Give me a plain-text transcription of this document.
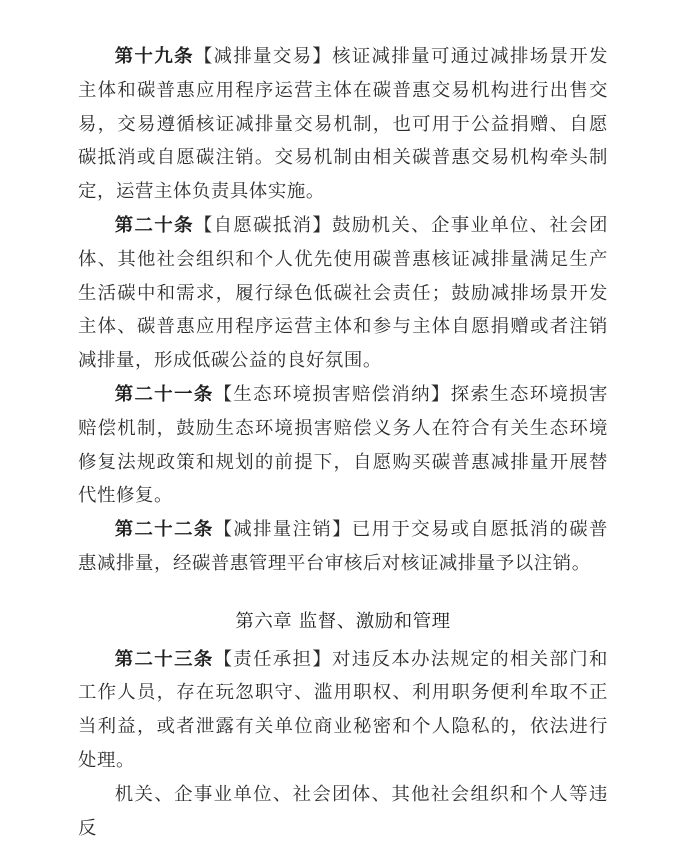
第十九条【减排量交易】核证减排量可通过减排场景开发主体和碳普惠应用程序运营主体在碳普惠交易机构进行出售交易，交易遵循核证减排量交易机制，也可用于公益捐赠、自愿碳抵消或自愿碳注销。交易机制由相关碳普惠交易机构牵头制定，运营主体负责具体实施。

第二十条【自愿碳抵消】鼓励机关、企事业单位、社会团体、其他社会组织和个人优先使用碳普惠核证减排量满足生产生活碳中和需求，履行绿色低碳社会责任；鼓励减排场景开发主体、碳普惠应用程序运营主体和参与主体自愿捐赠或者注销减排量，形成低碳公益的良好氛围。

第二十一条【生态环境损害赔偿消纳】探索生态环境损害赔偿机制，鼓励生态环境损害赔偿义务人在符合有关生态环境修复法规政策和规划的前提下，自愿购买碳普惠减排量开展替代性修复。

第二十二条【减排量注销】已用于交易或自愿抵消的碳普惠减排量，经碳普惠管理平台审核后对核证减排量予以注销。

第六章 监督、激励和管理

第二十三条【责任承担】对违反本办法规定的相关部门和工作人员，存在玩忽职守、滥用职权、利用职务便利牟取不正当利益，或者泄露有关单位商业秘密和个人隐私的，依法进行处理。

机关、企事业单位、社会团体、其他社会组织和个人等违反
